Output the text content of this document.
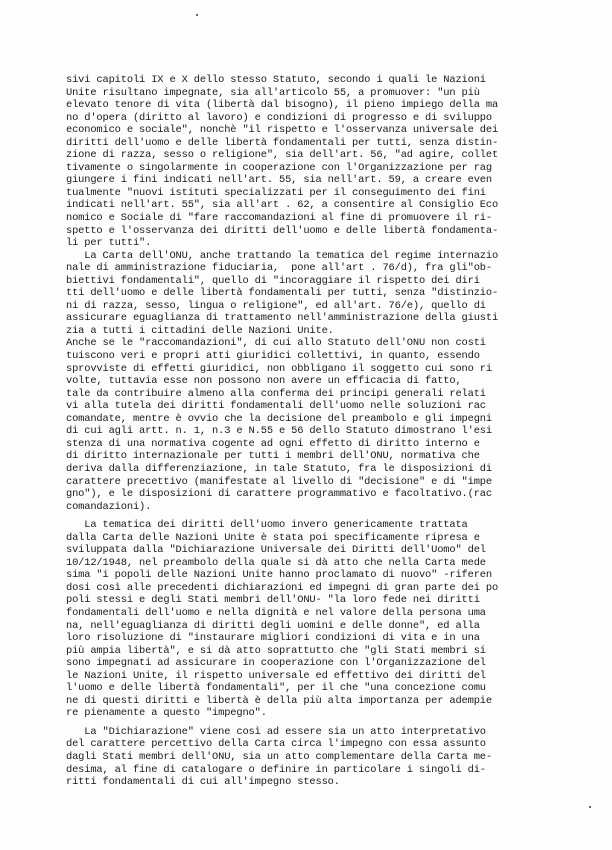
sivi capitoli IX e X dello stesso Statuto, secondo i quali le Nazioni
Unite risultano impegnate, sia all'articolo 55, a promuover: "un più
elevato tenore di vita (libertà dal bisogno), il pieno impiego della ma
no d'opera (diritto al lavoro) e condizioni di progresso e di sviluppo
economico e sociale", nonchè "il rispetto e l'osservanza universale dei
diritti dell'uomo e delle libertà fondamentali per tutti, senza distin-
zione di razza, sesso o religione", sia dell'art. 56, "ad agire, collet
tivamente o singolarmente in cooperazione con l'Organizzazione per rag
giungere i fini indicati nell'art. 55, sia nell'art. 59, a creare even
tualmente "nuovi istituti specializzati per il conseguimento dei fini
indicati nell'art. 55", sia all'art . 62, a consentire al Consiglio Eco
nomico e Sociale di "fare raccomandazioni al fine di promuovere il ri-
spetto e l'osservanza dei diritti dell'uomo e delle libertà fondamenta-
li per tutti".
La Carta dell'ONU, anche trattando la tematica del regime internazio
nale di amministrazione fiduciaria,  pone all'art . 76/d), fra gli"ob-
biettivi fondamentali", quello di "incoraggiare il rispetto dei diri
tti dell'uomo e delle libertà fondamentali per tutti, senza "distinzio-
ni di razza, sesso, lingua o religione", ed all'art. 76/e), quello di
assicurare eguaglianza di trattamento nell'amministrazione della giusti
zia a tutti i cittadini delle Nazioni Unite.
Anche se le "raccomandazioni", di cui allo Statuto dell'ONU non costi
tuiscono veri e propri atti giuridici collettivi, in quanto, essendo
sprovviste di effetti giuridici, non obbligano il soggetto cui sono ri
volte, tuttavia esse non possono non avere un efficacia di fatto,
tale da contribuire almeno alla conferma dei principi generali relati
vi alla tutela dei diritti fondamentali dell'uomo nelle soluzioni rac
comandate, mentre è ovvio che la decisione del preambolo e gli impegni
di cui agli artt. n. 1, n.3 e N.55 e 56 dello Statuto dimostrano l'esi
stenza di una normativa cogente ad ogni effetto di diritto interno e
di diritto internazionale per tutti i membri dell'ONU, normativa che
deriva dalla differenziazione, in tale Statuto, fra le disposizioni di
carattere precettivo (manifestate al livello di "decisione" e di "impe
gno"), e le disposizioni di carattere programmativo e facoltativo.(rac
comandazioni).
La tematica dei diritti dell'uomo invero genericamente trattata
dalla Carta delle Nazioni Unite è stata poi specificamente ripresa e
sviluppata dalla "Dichiarazione Universale dei Diritti dell'Uomo" del
10/12/1948, nel preambolo della quale si dà atto che nella Carta mede
sima "i popoli delle Nazioni Unite hanno proclamato di nuovo" -riferen
dosi così alle precedenti dichiarazioni ed impegni di gran parte dei po
poli stessi e degli Stati membri dell'ONU- "la loro fede nei diritti
fondamentali dell'uomo e nella dignità e nel valore della persona uma
na, nell'eguaglianza di diritti degli uomini e delle donne", ed alla
loro risoluzione di "instaurare migliori condizioni di vita e in una
più ampia libertà", e si dà atto soprattutto che "gli Stati membri si
sono impegnati ad assicurare in cooperazione con l'Organizzazione del
le Nazioni Unite, il rispetto universale ed effettivo dei diritti del
l'uomo e delle libertà fondamentali", per il che "una concezione comu
ne di questi diritti e libertà è della più alta importanza per adempie
re pienamente a questo "impegno".
La "Dichiarazione" viene così ad essere sia un atto interpretativo
del carattere percettivo della Carta circa l'impegno con essa assunto
dagli Stati membri dell'ONU, sia un atto complementare della Carta me-
desima, al fine di catalogare o definire in particolare i singoli di-
ritti fondamentali di cui all'impegno stesso.
